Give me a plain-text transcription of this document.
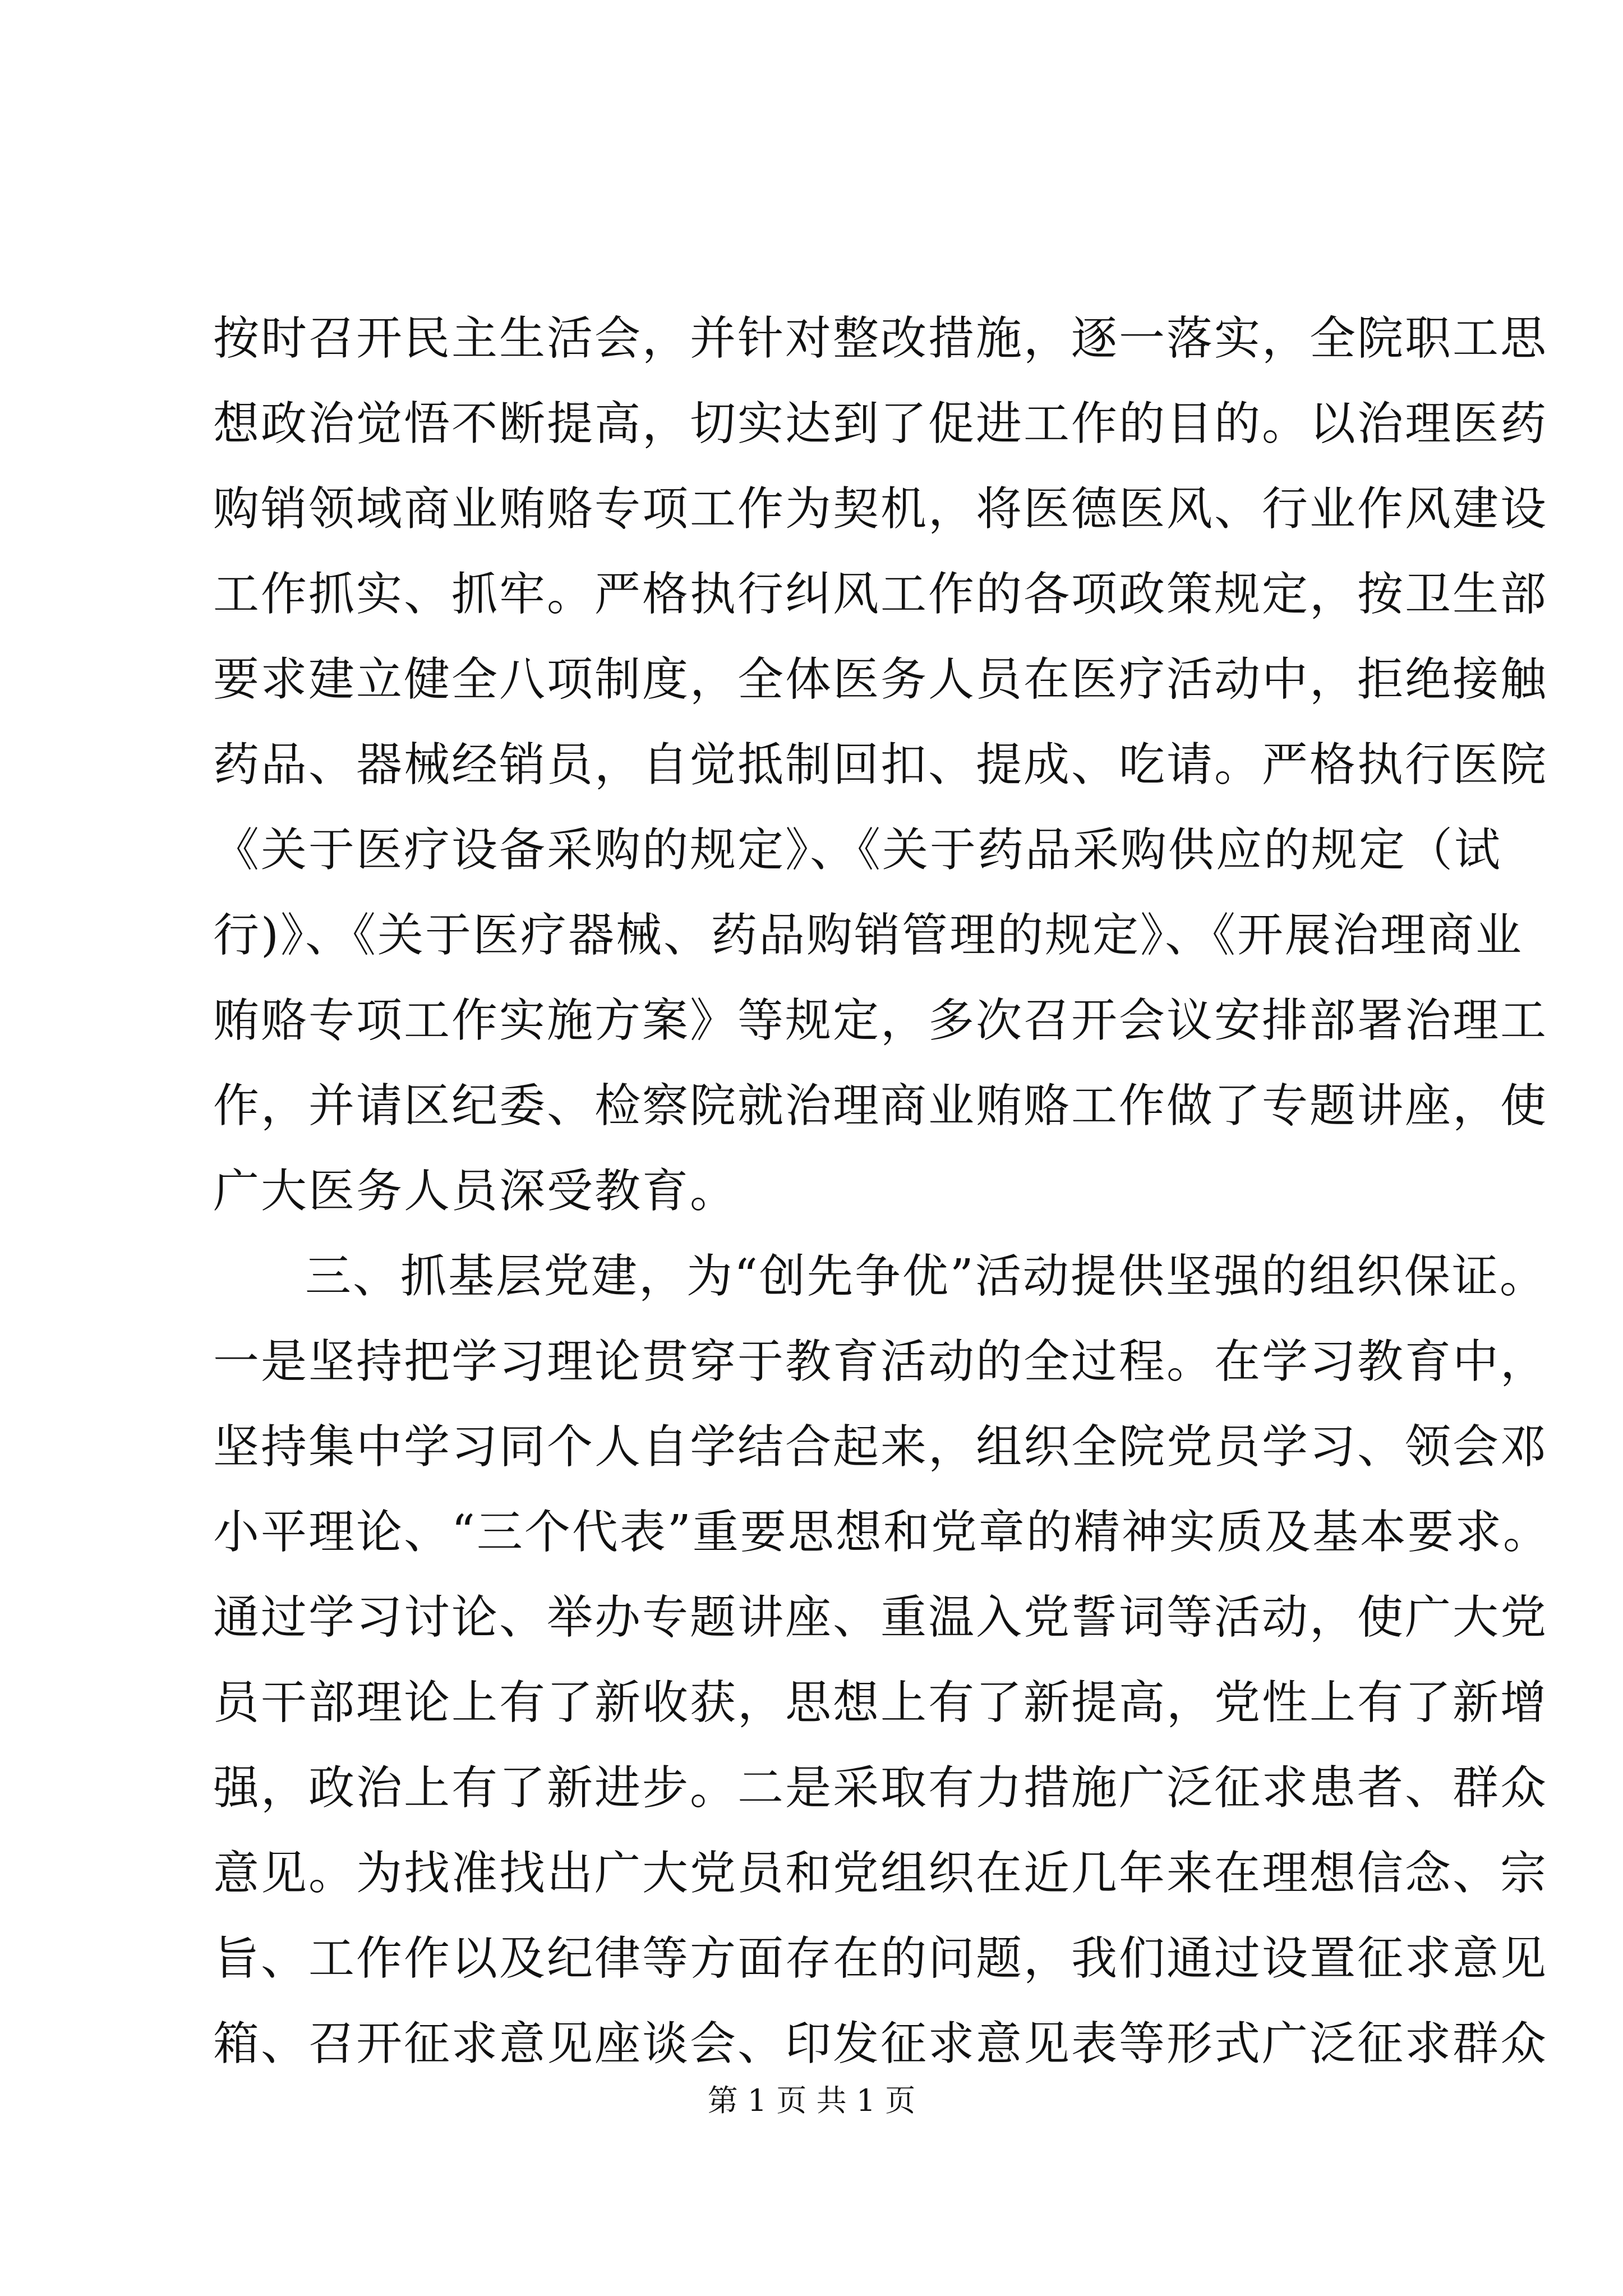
按时召开民主生活会，并针对整改措施，逐一落实，全院职工思
想政治觉悟不断提高，切实达到了促进工作的目的。以治理医药
购销领域商业贿赂专项工作为契机，将医德医风、行业作风建设
工作抓实、抓牢。严格执行纠风工作的各项政策规定，按卫生部
要求建立健全八项制度，全体医务人员在医疗活动中，拒绝接触
药品、器械经销员，自觉抵制回扣、提成、吃请。严格执行医院
《关于医疗设备采购的规定》、《关于药品采购供应的规定（试
行)》、《关于医疗器械、药品购销管理的规定》、《开展治理商业
贿赂专项工作实施方案》等规定，多次召开会议安排部署治理工
作，并请区纪委、检察院就治理商业贿赂工作做了专题讲座，使
广大医务人员深受教育。
三、抓基层党建，为“创先争优”活动提供坚强的组织保证。
一是坚持把学习理论贯穿于教育活动的全过程。在学习教育中，
坚持集中学习同个人自学结合起来，组织全院党员学习、领会邓
小平理论、“三个代表”重要思想和党章的精神实质及基本要求。
通过学习讨论、举办专题讲座、重温入党誓词等活动，使广大党
员干部理论上有了新收获，思想上有了新提高，党性上有了新增
强，政治上有了新进步。二是采取有力措施广泛征求患者、群众
意见。为找准找出广大党员和党组织在近几年来在理想信念、宗
旨、工作作以及纪律等方面存在的问题，我们通过设置征求意见
箱、召开征求意见座谈会、印发征求意见表等形式广泛征求群众
第 1 页 共 1 页
